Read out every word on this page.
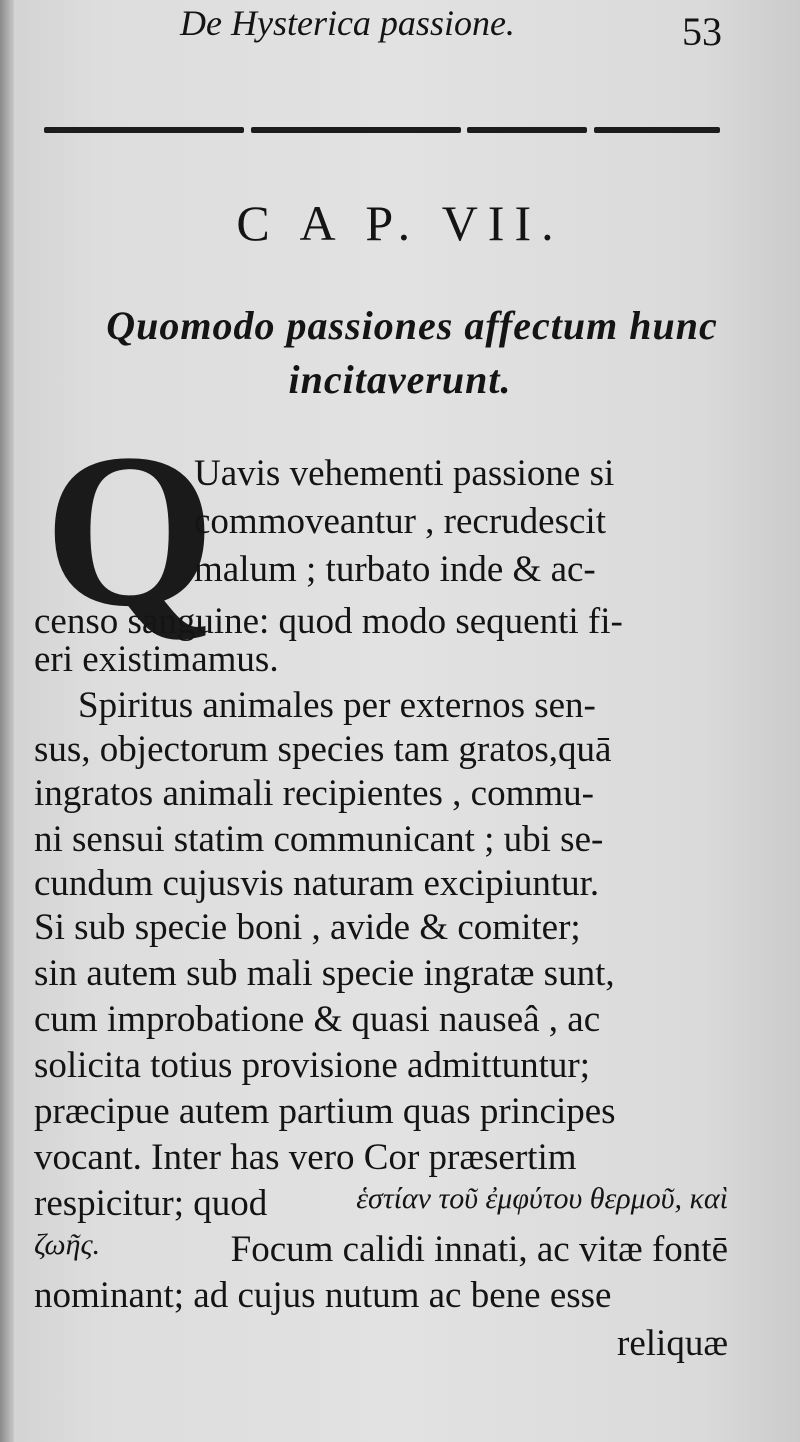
De Hysterica passione.	53
C A P. VII.
Quomodo passiones affectum hunc
incitaverunt.
Q
Uavis vehementi passione si
commoveantur , recrudescit
malum ; turbato inde & ac-
censo sanguine: quod modo sequenti fi-
eri existimamus.
Spiritus animales per externos sen-
sus, objectorum species tam gratos,quā
ingratos animali recipientes , commu-
ni sensui statim communicant ; ubi se-
cundum cujusvis naturam excipiuntur.
Si sub specie boni , avide & comiter;
sin autem sub mali specie ingratæ sunt,
cum improbatione & quasi nauseâ , ac
solicita totius provisione admittuntur;
præcipue autem partium quas principes
vocant. Inter has vero Cor præsertim
respicitur; quod	ἑστίαν τοῦ ἐμφύτου θερμοῦ, καὶ
ζωῆς.	Focum calidi innati, ac vitæ fontē
nominant; ad cujus nutum ac bene esse
reliquæ
